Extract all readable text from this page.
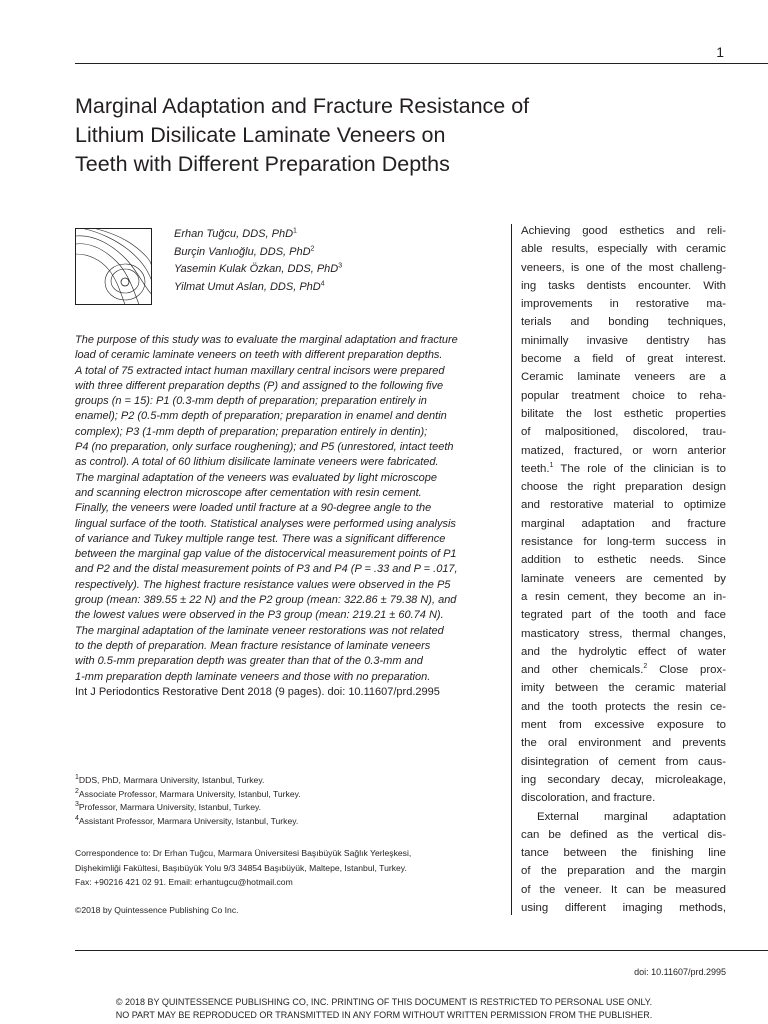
1
Marginal Adaptation and Fracture Resistance of
Lithium Disilicate Laminate Veneers on
Teeth with Different Preparation Depths
Erhan Tuğcu, DDS, PhD$^1$
Burçin Vanlıoğlu, DDS, PhD$^2$
Yasemin Kulak Özkan, DDS, PhD$^3$
Yilmat Umut Aslan, DDS, PhD$^4$
The purpose of this study was to evaluate the marginal adaptation and fracture
load of ceramic laminate veneers on teeth with different preparation depths.
A total of 75 extracted intact human maxillary central incisors were prepared
with three different preparation depths (P) and assigned to the following five
groups (n = 15): P1 (0.3-mm depth of preparation; preparation entirely in
enamel); P2 (0.5-mm depth of preparation; preparation in enamel and dentin
complex); P3 (1-mm depth of preparation; preparation entirely in dentin);
P4 (no preparation, only surface roughening); and P5 (unrestored, intact teeth
as control). A total of 60 lithium disilicate laminate veneers were fabricated.
The marginal adaptation of the veneers was evaluated by light microscope
and scanning electron microscope after cementation with resin cement.
Finally, the veneers were loaded until fracture at a 90-degree angle to the
lingual surface of the tooth. Statistical analyses were performed using analysis
of variance and Tukey multiple range test. There was a significant difference
between the marginal gap value of the distocervical measurement points of P1
and P2 and the distal measurement points of P3 and P4 (P = .33 and P = .017,
respectively). The highest fracture resistance values were observed in the P5
group (mean: 389.55 ± 22 N) and the P2 group (mean: 322.86 ± 79.38 N), and
the lowest values were observed in the P3 group (mean: 219.21 ± 60.74 N).
The marginal adaptation of the laminate veneer restorations was not related
to the depth of preparation. Mean fracture resistance of laminate veneers
with 0.5-mm preparation depth was greater than that of the 0.3-mm and
1-mm preparation depth laminate veneers and those with no preparation.
Int J Periodontics Restorative Dent 2018 (9 pages). doi: 10.11607/prd.2995
$^1$DDS, PhD, Marmara University, Istanbul, Turkey.
$^2$Associate Professor, Marmara University, Istanbul, Turkey.
$^3$Professor, Marmara University, Istanbul, Turkey.
$^4$Assistant Professor, Marmara University, Istanbul, Turkey.
Correspondence to: Dr Erhan Tuğcu, Marmara Üniversitesi Başıbüyük Sağlık Yerleşkesi,
Dişhekimliği Fakültesi, Başıbüyük Yolu 9/3 34854 Başıbüyük, Maltepe, Istanbul, Turkey.
Fax: +90216 421 02 91. Email: erhantugcu@hotmail.com
©2018 by Quintessence Publishing Co Inc.
Achieving good esthetics and reli-
able results, especially with ceramic
veneers, is one of the most challeng-
ing tasks dentists encounter. With
improvements in restorative ma-
terials and bonding techniques,
minimally invasive dentistry has
become a field of great interest.
Ceramic laminate veneers are a
popular treatment choice to reha-
bilitate the lost esthetic properties
of malpositioned, discolored, trau-
matized, fractured, or worn anterior
teeth.$^1$ The role of the clinician is to
choose the right preparation design
and restorative material to optimize
marginal adaptation and fracture
resistance for long-term success in
addition to esthetic needs. Since
laminate veneers are cemented by
a resin cement, they become an in-
tegrated part of the tooth and face
masticatory stress, thermal changes,
and the hydrolytic effect of water
and other chemicals.$^2$ Close prox-
imity between the ceramic material
and the tooth protects the resin ce-
ment from excessive exposure to
the oral environment and prevents
disintegration of cement from caus-
ing secondary decay, microleakage,
discoloration, and fracture.
External marginal adaptation
can be defined as the vertical dis-
tance between the finishing line
of the preparation and the margin
of the veneer. It can be measured
using different imaging methods,
doi: 10.11607/prd.2995
© 2018 BY QUINTESSENCE PUBLISHING CO, INC. PRINTING OF THIS DOCUMENT IS RESTRICTED TO PERSONAL USE ONLY.
NO PART MAY BE REPRODUCED OR TRANSMITTED IN ANY FORM WITHOUT WRITTEN PERMISSION FROM THE PUBLISHER.
